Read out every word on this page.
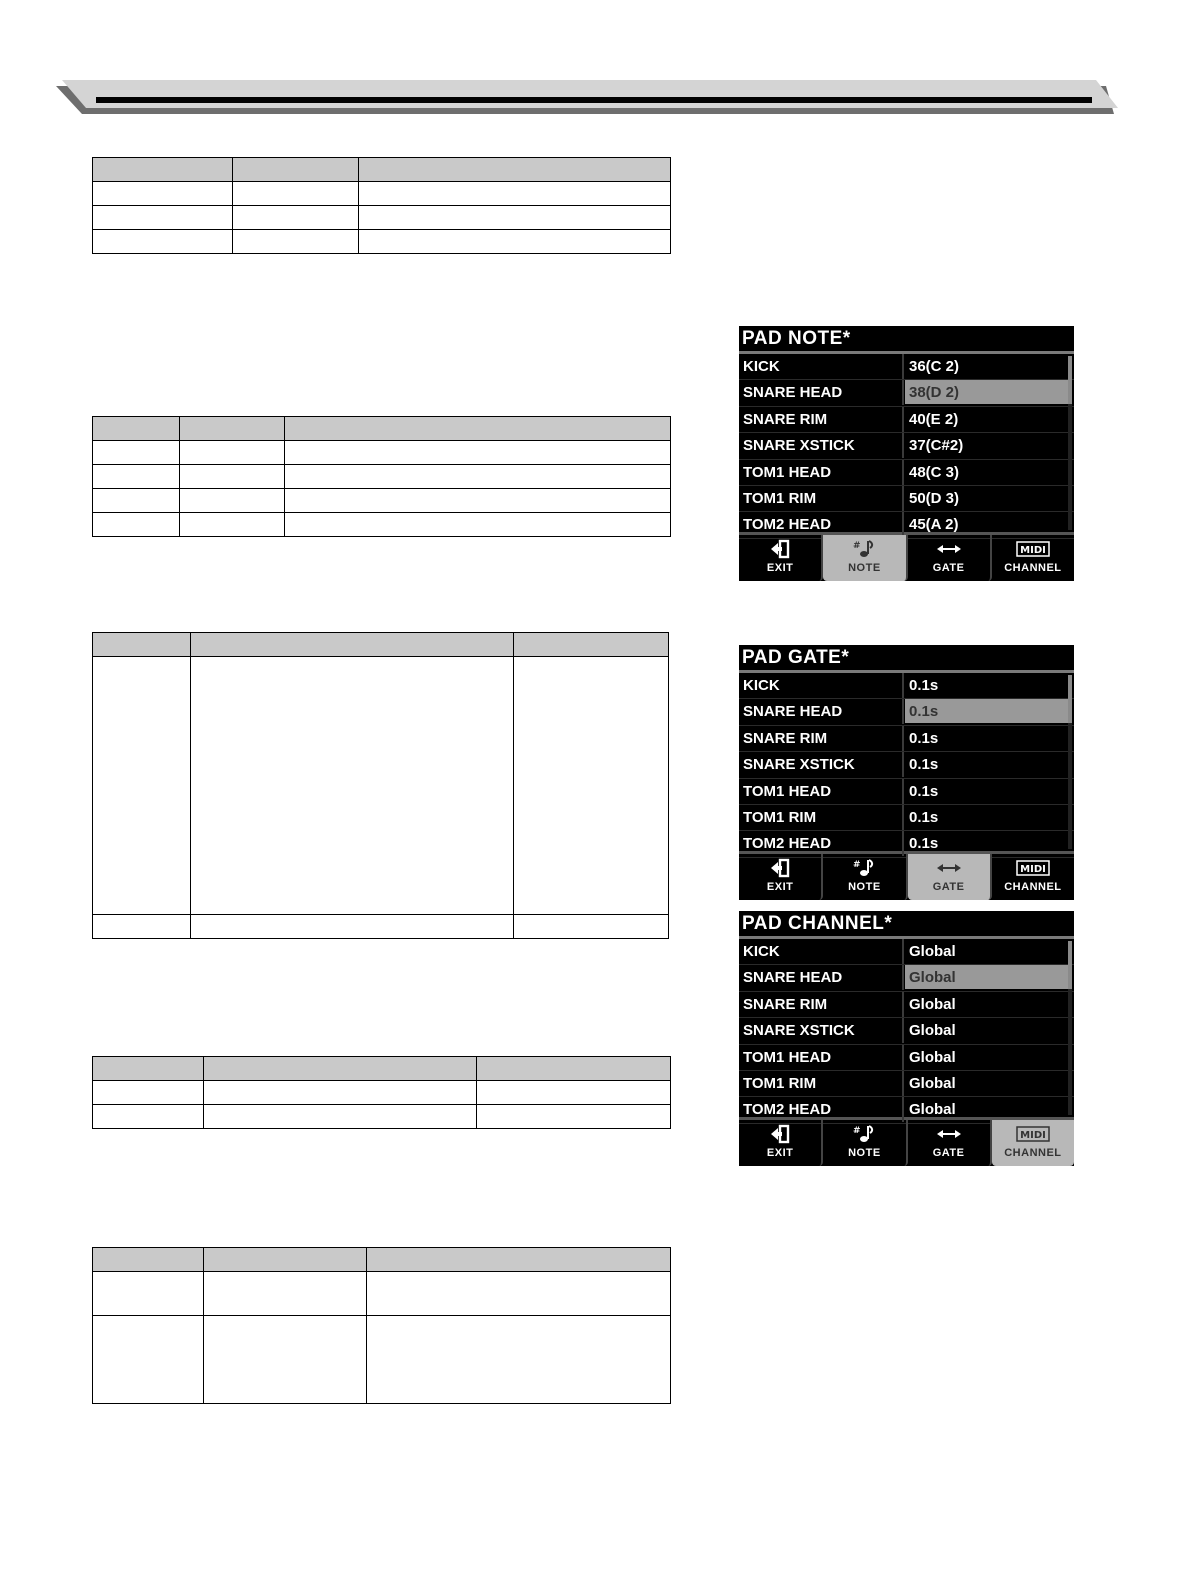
PAD NOTE*
KICK	36(C 2)
SNARE HEAD	38(D 2)
SNARE RIM	40(E 2)
SNARE XSTICK	37(C#2)
TOM1 HEAD	48(C 3)
TOM1 RIM	50(D 3)
TOM2 HEAD	45(A 2)
EXIT
#
NOTE	GATE
MIDI
CHANNEL
PAD GATE*
KICK	0.1s
SNARE HEAD	0.1s
SNARE RIM	0.1s
SNARE XSTICK	0.1s
TOM1 HEAD	0.1s
TOM1 RIM	0.1s
TOM2 HEAD	0.1s
EXIT
#
NOTE	GATE
MIDI
CHANNEL
PAD CHANNEL*
KICK	Global
SNARE HEAD	Global
SNARE RIM	Global
SNARE XSTICK	Global
TOM1 HEAD	Global
TOM1 RIM	Global
TOM2 HEAD	Global
EXIT
#
NOTE	GATE
MIDI
CHANNEL
